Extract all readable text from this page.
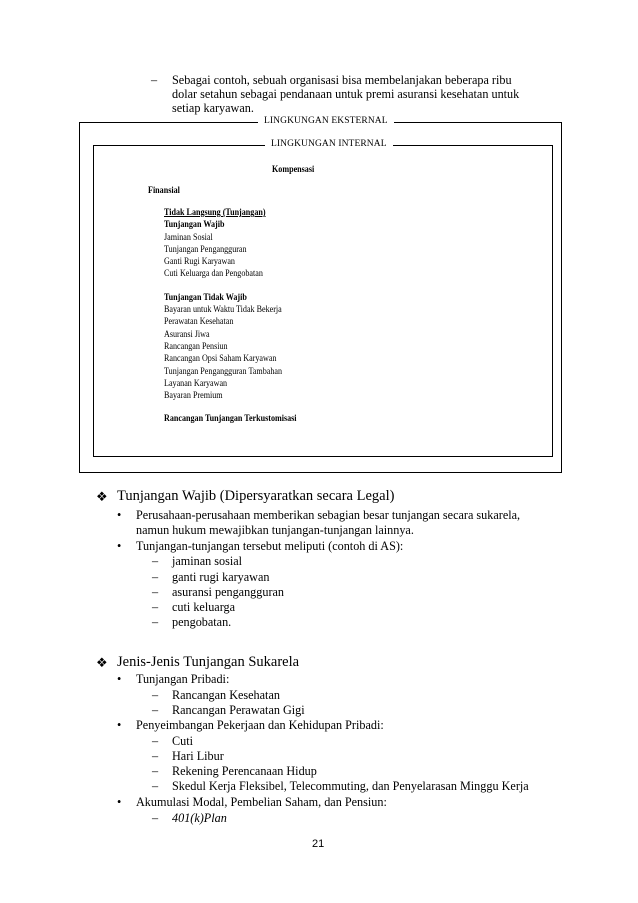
– Sebagai contoh, sebuah organisasi bisa membelanjakan beberapa ribu
dolar setahun sebagai pendanaan untuk premi asuransi kesehatan untuk
setiap karyawan.
LINGKUNGAN EKSTERNAL
LINGKUNGAN INTERNAL
Kompensasi
Finansial
Tidak Langsung (Tunjangan)
Tunjangan Wajib
Jaminan Sosial
Tunjangan Pengangguran
Ganti Rugi Karyawan
Cuti Keluarga dan Pengobatan
Tunjangan Tidak Wajib
Bayaran untuk Waktu Tidak Bekerja
Perawatan Kesehatan
Asuransi Jiwa
Rancangan Pensiun
Rancangan Opsi Saham Karyawan
Tunjangan Pengangguran Tambahan
Layanan Karyawan
Bayaran Premium
Rancangan Tunjangan Terkustomisasi
❖ Tunjangan Wajib (Dipersyaratkan secara Legal)
• Perusahaan-perusahaan memberikan sebagian besar tunjangan secara sukarela,
namun hukum mewajibkan tunjangan-tunjangan lainnya.
• Tunjangan-tunjangan tersebut meliputi (contoh di AS):
– jaminan sosial
– ganti rugi karyawan
– asuransi pengangguran
– cuti keluarga
– pengobatan.
❖ Jenis-Jenis Tunjangan Sukarela
• Tunjangan Pribadi:
– Rancangan Kesehatan
– Rancangan Perawatan Gigi
• Penyeimbangan Pekerjaan dan Kehidupan Pribadi:
– Cuti
– Hari Libur
– Rekening Perencanaan Hidup
– Skedul Kerja Fleksibel, Telecommuting, dan Penyelarasan Minggu Kerja
• Akumulasi Modal, Pembelian Saham, dan Pensiun:
– 401(k)Plan
21
